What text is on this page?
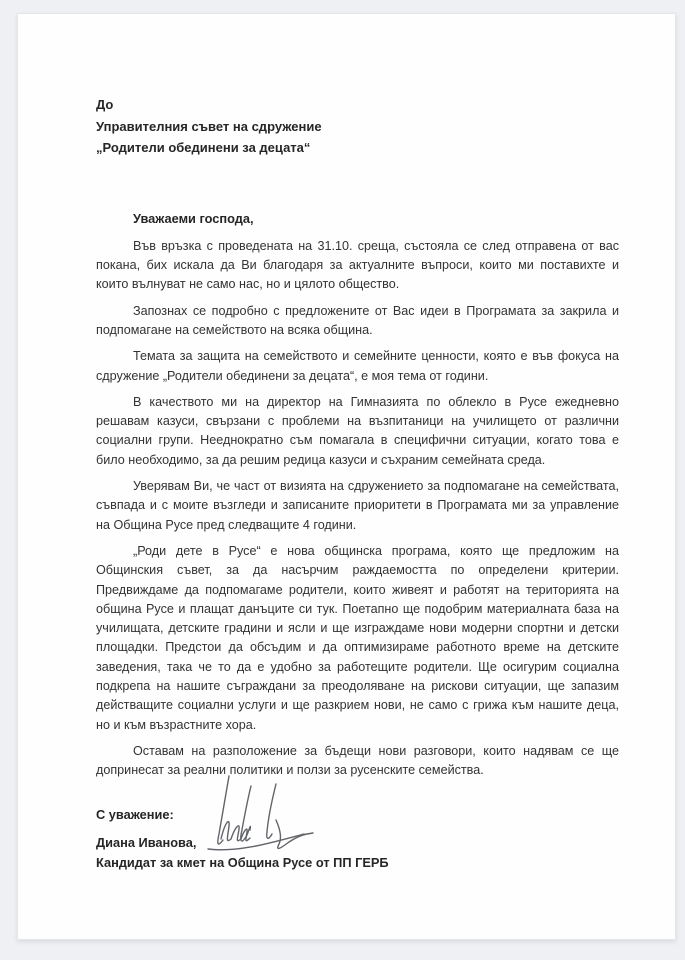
До
Управителния съвет на сдружение
„Родители обединени за децата“
Уважаеми господа,

Във връзка с проведената на 31.10. среща, състояла се след отправена от вас покана, бих искала да Ви благодаря за актуалните въпроси, които ми поставихте и които вълнуват не само нас, но и цялото общество.

Запознах се подробно с предложените от Вас идеи в Програмата за закрила и подпомагане на семейството на всяка община.

Темата за защита на семейството и семейните ценности, която е във фокуса на сдружение „Родители обединени за децата“, е моя тема от години.

В качеството ми на директор на Гимназията по облекло в Русе ежедневно решавам казуси, свързани с проблеми на възпитаници на училището от различни социални групи. Нееднократно съм помагала в специфични ситуации, когато това е било необходимо, за да решим редица казуси и съхраним семейната среда.

Уверявам Ви, че част от визията на сдружението за подпомагане на семействата, съвпада и с моите възгледи и записаните приоритети в Програмата ми за управление на Община Русе пред следващите 4 години.

„Роди дете в Русе“ е нова общинска програма, която ще предложим на Общинския съвет, за да насърчим раждаемостта по определени критерии. Предвиждаме да подпомагаме родители, които живеят и работят на територията на община Русе и плащат данъците си тук. Поетапно ще подобрим материалната база на училищата, детските градини и ясли и ще изграждаме нови модерни спортни и детски площадки. Предстои да обсъдим и да оптимизираме работното време на детските заведения, така че то да е удобно за работещите родители. Ще осигурим социална подкрепа на нашите съграждани за преодоляване на рискови ситуации, ще запазим действащите социални услуги и ще разкрием нови, не само с грижа към нашите деца, но и към възрастните хора.

Оставам на разположение за бъдещи нови разговори, които надявам се ще допринесат за реални политики и ползи за русенските семейства.

С уважение:
Диана Иванова,
Кандидат за кмет на Община Русе от ПП ГЕРБ
